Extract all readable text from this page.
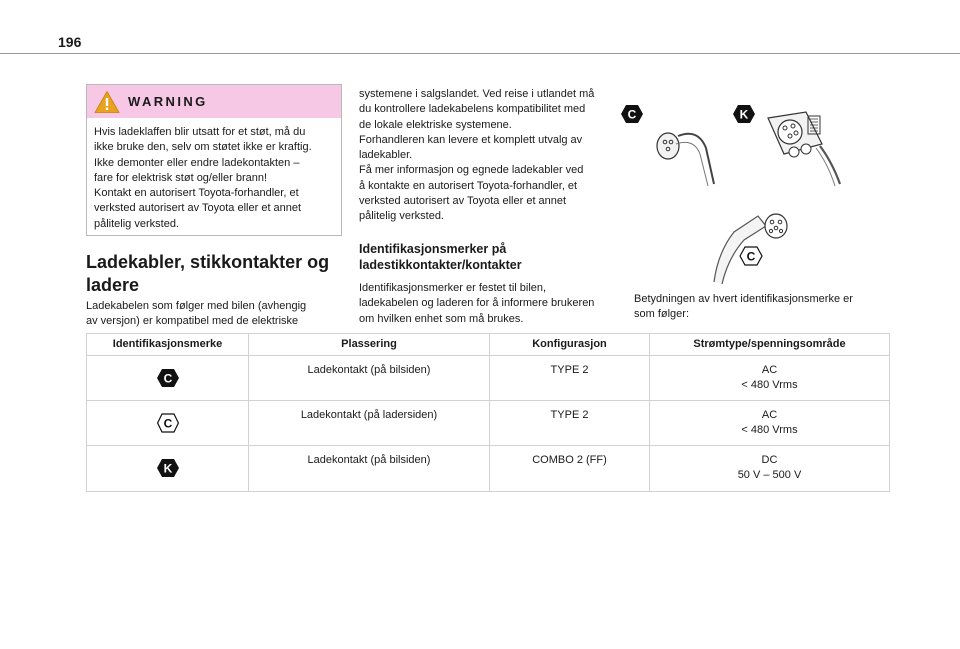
196
WARNING

Hvis ladeklaffen blir utsatt for et støt, må du

ikke bruke den, selv om støtet ikke er kraftig.

Ikke demonter eller endre ladekontakten –

fare for elektrisk støt og/eller brann!

Kontakt en autorisert Toyota-forhandler, et

verksted autorisert av Toyota eller et annet

pålitelig verksted.

Ladekabler, stikkontakter og

ladere

Ladekabelen som følger med bilen (avhengig

av versjon) er kompatibel med de elektriske

systemene i salgslandet. Ved reise i utlandet må

du kontrollere ladekabelens kompatibilitet med

de lokale elektriske systemene.

Forhandleren kan levere et komplett utvalg av

ladekabler.

Få mer informasjon og egnede ladekabler ved

å kontakte en autorisert Toyota-forhandler, et

verksted autorisert av Toyota eller et annet

pålitelig verksted.

Identifikasjonsmerker på

ladestikkontakter/kontakter

Identifikasjonsmerker er festet til bilen,

ladekabelen og laderen for å informere brukeren

om hvilken enhet som må brukes.

K
C
C

Betydningen av hvert identifikasjonsmerke er

som følger:

Identifikasjonsmerke	Plassering	Konfigurasjon	Strømtype/spenningsområde
C
Ladekontakt (på bilsiden)	TYPE 2	AC
< 480 Vrms
C
Ladekontakt (på ladersiden)	TYPE 2	AC
< 480 Vrms
K
Ladekontakt (på bilsiden)	COMBO 2 (FF)	DC
50 V – 500 V
